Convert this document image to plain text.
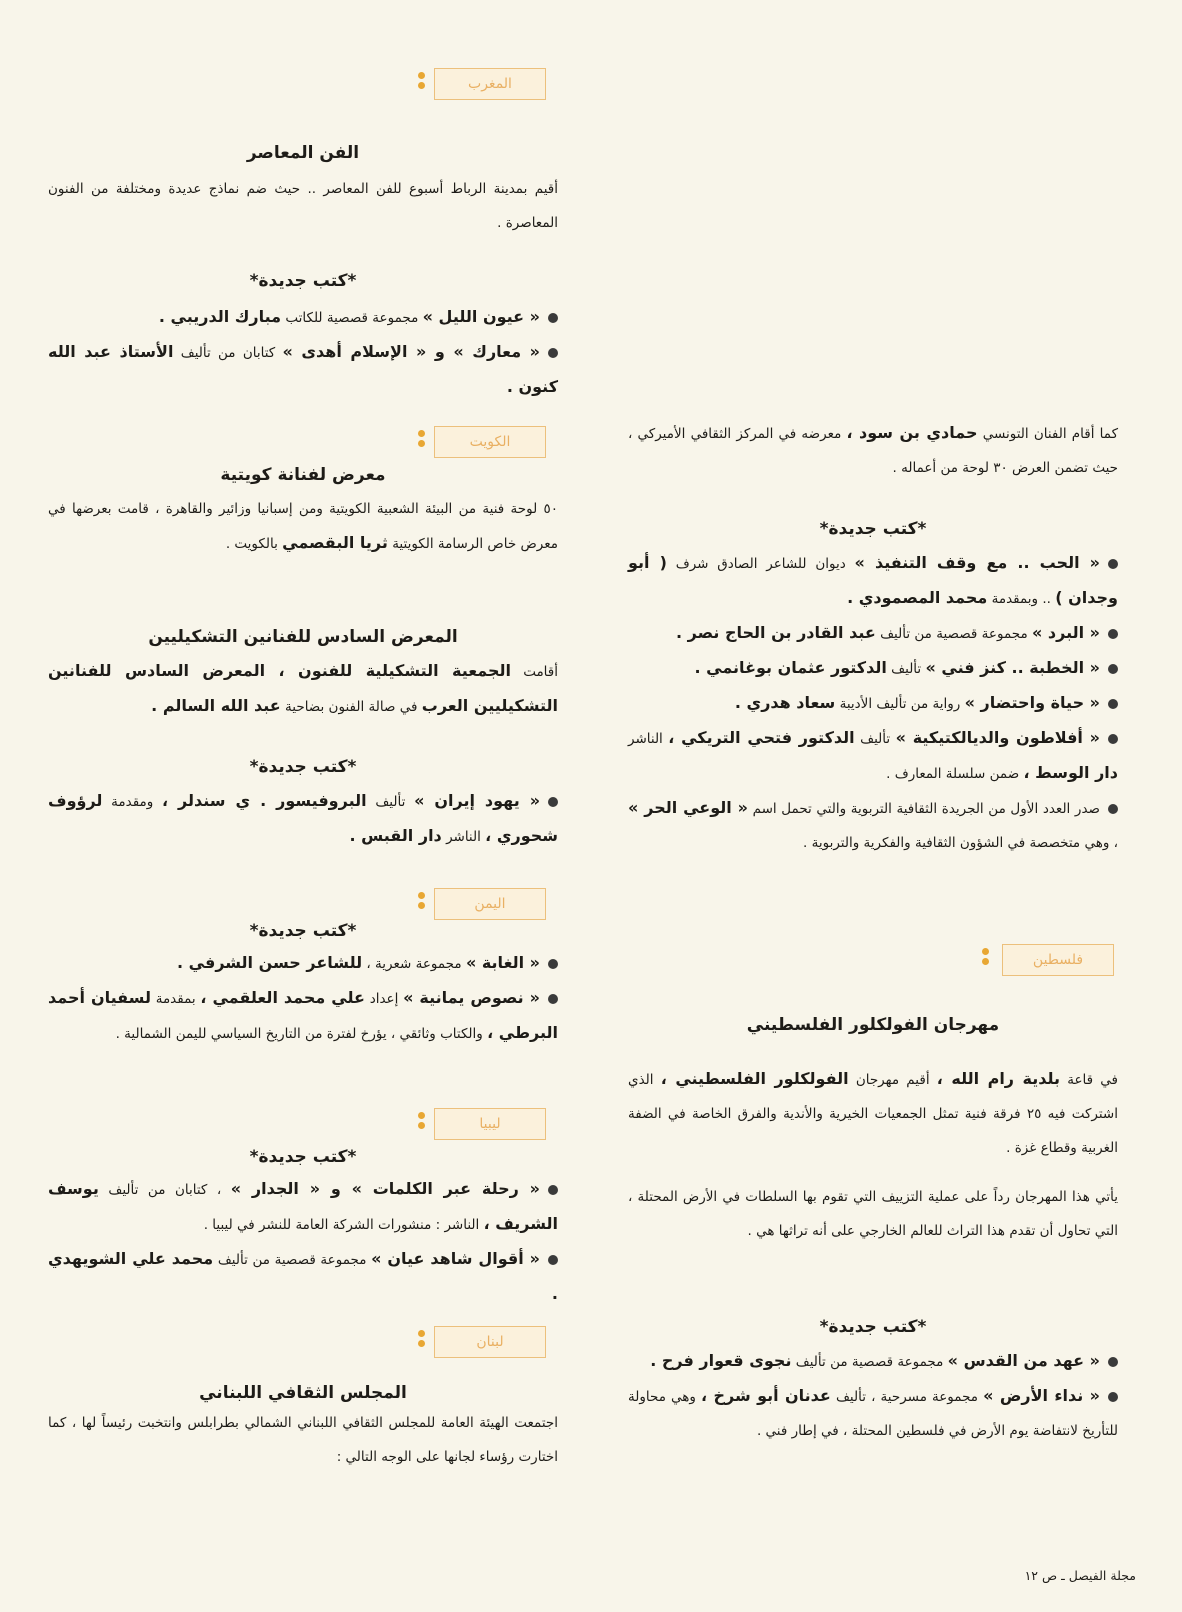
المغرب
الفن المعاصر

أقيم بمدينة الرباط أسبوع للفن المعاصر .. حيث ضم نماذج عديدة ومختلفة من الفنون المعاصرة .

*كتب جديدة*
« عيون الليل » مجموعة قصصية للكاتب مبارك الدريبي .
« معارك » و « الإسلام أهدى » كتابان من تأليف الأستاذ عبد الله كنون .
الكويت
معرض لفنانة كويتية

٥٠ لوحة فنية من البيئة الشعبية الكويتية ومن إسبانيا وزائير والقاهرة ، قامت بعرضها في معرض خاص الرسامة الكويتية ثريا البقصمي بالكويت .

المعرض السادس للفنانين التشكيليين

أقامت الجمعية التشكيلية للفنون ، المعرض السادس للفنانين التشكيليين العرب في صالة الفنون بضاحية عبد الله السالم .

*كتب جديدة*
« يهود إيران » تأليف البروفيسور . ي سندلر ، ومقدمة لرؤوف شحوري ، الناشر دار القبس .
اليمن
*كتب جديدة*
« الغابة » مجموعة شعرية ، للشاعر حسن الشرفي .
« نصوص يمانية » إعداد علي محمد العلقمي ، بمقدمة لسفيان أحمد البرطي ، والكتاب وثائقي ، يؤرخ لفترة من التاريخ السياسي لليمن الشمالية .
ليبيا
*كتب جديدة*
« رحلة عبر الكلمات » و « الجدار » ، كتابان من تأليف يوسف الشريف ، الناشر : منشورات الشركة العامة للنشر في ليبيا .
« أقوال شاهد عيان » مجموعة قصصية من تأليف محمد علي الشويهدي .
لبنان
المجلس الثقافي اللبناني

اجتمعت الهيئة العامة للمجلس الثقافي اللبناني الشمالي بطرابلس وانتخبت رئيساً لها ، كما اختارت رؤساء لجانها على الوجه التالي :

كما أقام الفنان التونسي حمادي بن سود ، معرضه في المركز الثقافي الأميركي ، حيث تضمن العرض ٣٠ لوحة من أعماله .

*كتب جديدة*
« الحب .. مع وقف التنفيذ » ديوان للشاعر الصادق شرف ( أبو وجدان ) .. وبمقدمة محمد المصمودي .
« البرد » مجموعة قصصية من تأليف عبد القادر بن الحاج نصر .
« الخطبة .. كنز فني » تأليف الدكتور عثمان بوغانمي .
« حياة واحتضار » رواية من تأليف الأديبة سعاد هدري .
« أفلاطون والديالكتيكية » تأليف الدكتور فتحي التريكي ، الناشر دار الوسط ، ضمن سلسلة المعارف .
صدر العدد الأول من الجريدة الثقافية التربوية والتي تحمل اسم « الوعي الحر » ، وهي متخصصة في الشؤون الثقافية والفكرية والتربوية .
فلسطين
مهرجان الفولكلور الفلسطيني

في قاعة بلدية رام الله ، أقيم مهرجان الفولكلور الفلسطيني ، الذي اشتركت فيه ٢٥ فرقة فنية تمثل الجمعيات الخيرية والأندية والفرق الخاصة في الضفة الغربية وقطاع غزة .

يأتي هذا المهرجان رداً على عملية التزييف التي تقوم بها السلطات في الأرض المحتلة ، التي تحاول أن تقدم هذا التراث للعالم الخارجي على أنه تراثها هي .

*كتب جديدة*
« عهد من القدس » مجموعة قصصية من تأليف نجوى قعوار فرح .
« نداء الأرض » مجموعة مسرحية ، تأليف عدنان أبو شرخ ، وهي محاولة للتأريخ لانتفاضة يوم الأرض في فلسطين المحتلة ، في إطار فني .
مجلة الفيصل ـ ص ١٢
